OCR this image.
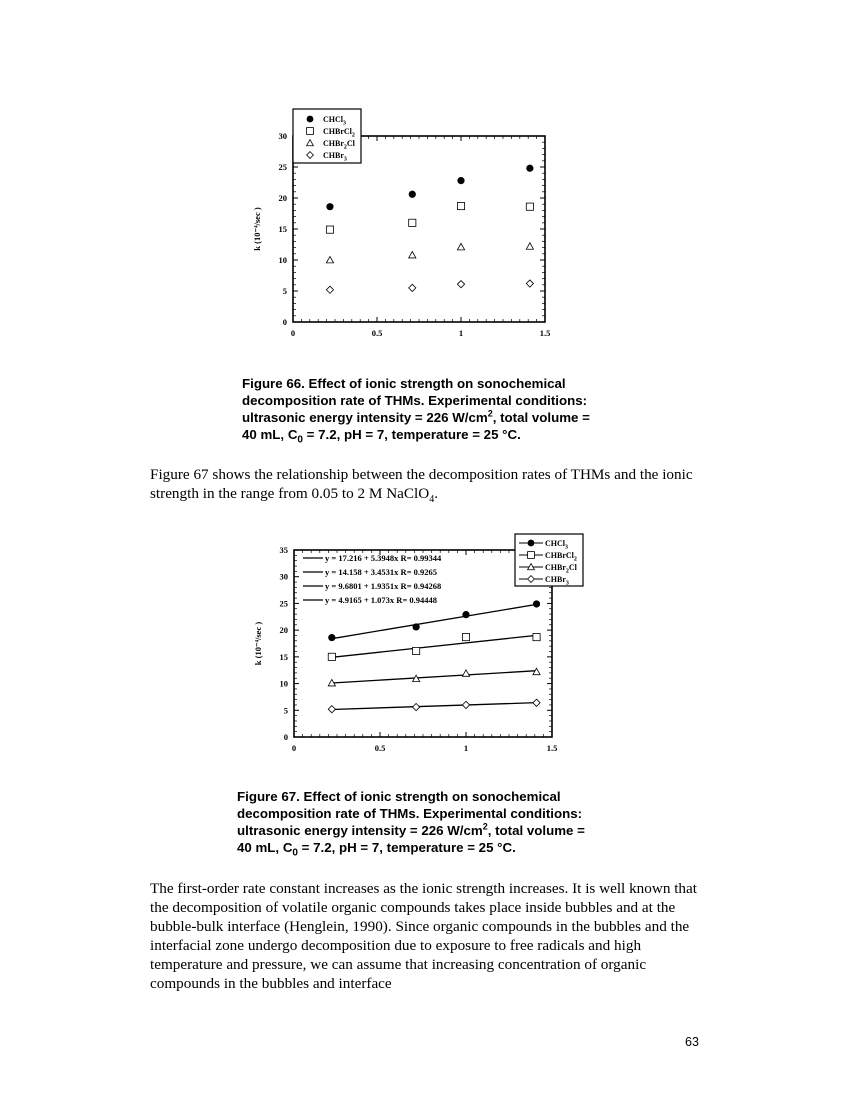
0
5
10
15
20
25
30
0	0.5	1	1.5
k (10⁻⁴/sec )
CHCl$_3$
CHBrCl$_2$
CHBr$_2$Cl
CHBr$_3$
Figure 66. Effect of ionic strength on sonochemical
decomposition rate of THMs. Experimental conditions:
ultrasonic energy intensity = 226 $W/cm^2$, total volume =
40 mL, $C_0 = 7.2$, pH = 7, temperature = 25 °C.
Figure 67 shows the relationship between the decomposition rates of THMs and the ionic strength in the range from 0.05 to 2 M NaClO$_4$.
0
5
10
15
20
25
30
35
0	0.5	1	1.5
k (10⁻⁴/sec )
y = 17.216 + 5.3948x R= 0.99344
y = 14.158 + 3.4531x R= 0.9265
y = 9.6801 + 1.9351x R= 0.94268
y = 4.9165 + 1.073x R= 0.94448
CHCl$_3$
CHBrCl$_2$
CHBr$_2$Cl
CHBr$_3$
Figure 67. Effect of ionic strength on sonochemical
decomposition rate of THMs. Experimental conditions:
ultrasonic energy intensity = 226 $W/cm^2$, total volume =
40 mL, $C_0 = 7.2$, pH = 7, temperature = 25 °C.
The first-order rate constant increases as the ionic strength increases. It is well known that the decomposition of volatile organic compounds takes place inside bubbles and at the bubble-bulk interface (Henglein, 1990). Since organic compounds in the bubbles and the interfacial zone undergo decomposition due to exposure to free radicals and high temperature and pressure, we can assume that increasing concentration of organic compounds in the bubbles and interface
63
